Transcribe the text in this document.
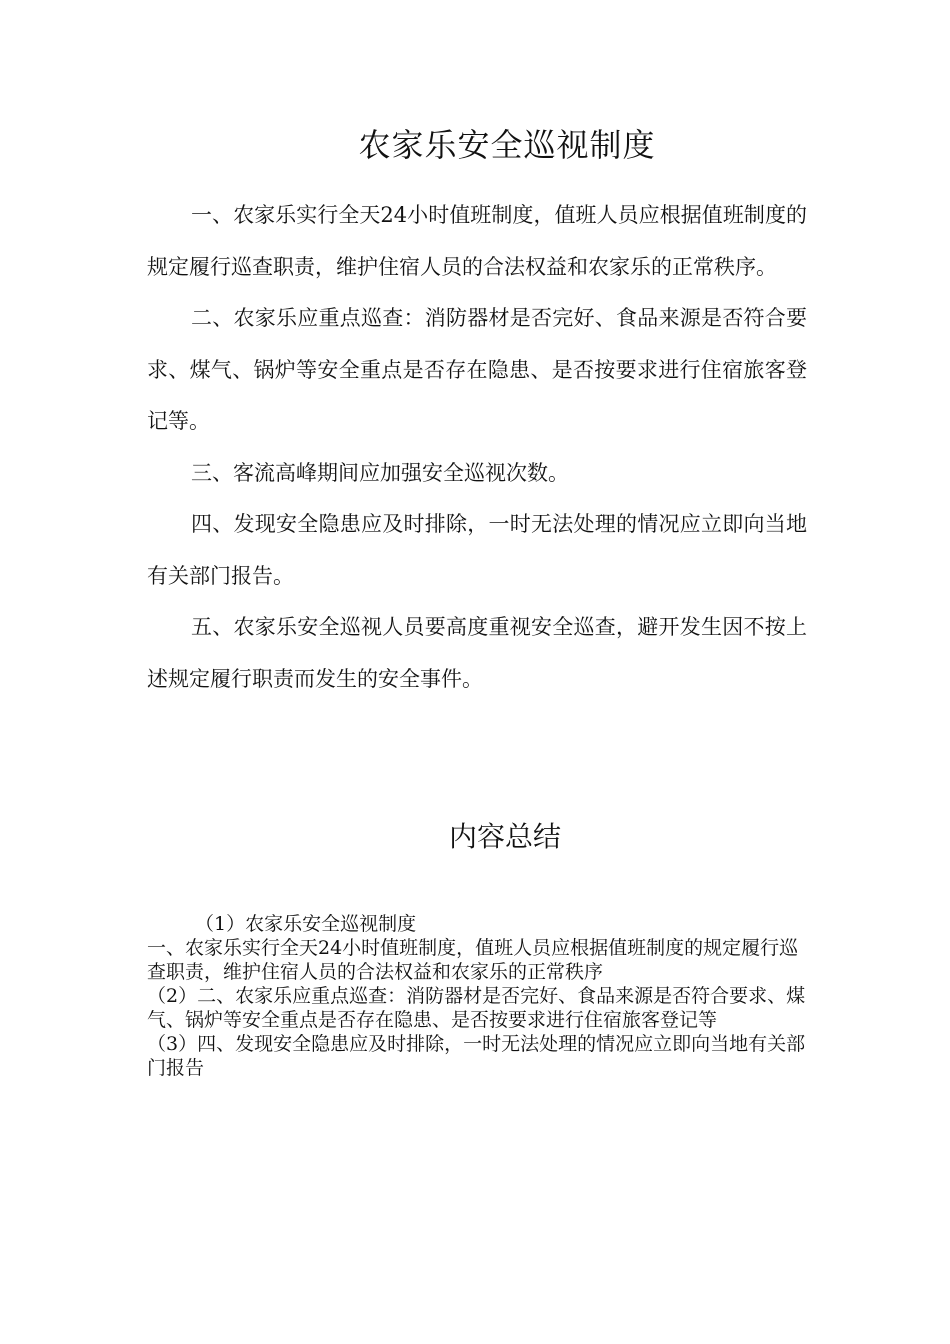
农家乐安全巡视制度

一、农家乐实行全天24小时值班制度，值班人员应根据值班制度的规定履行巡查职责，维护住宿人员的合法权益和农家乐的正常秩序。

二、农家乐应重点巡查：消防器材是否完好、食品来源是否符合要求、煤气、锅炉等安全重点是否存在隐患、是否按要求进行住宿旅客登记等。

三、客流高峰期间应加强安全巡视次数。

四、发现安全隐患应及时排除，一时无法处理的情况应立即向当地有关部门报告。

五、农家乐安全巡视人员要高度重视安全巡查，避开发生因不按上述规定履行职责而发生的安全事件。

内容总结

（1）农家乐安全巡视制度

一、农家乐实行全天24小时值班制度，值班人员应根据值班制度的规定履行巡查职责，维护住宿人员的合法权益和农家乐的正常秩序

（2）二、农家乐应重点巡查：消防器材是否完好、食品来源是否符合要求、煤气、锅炉等安全重点是否存在隐患、是否按要求进行住宿旅客登记等

（3）四、发现安全隐患应及时排除，一时无法处理的情况应立即向当地有关部门报告
